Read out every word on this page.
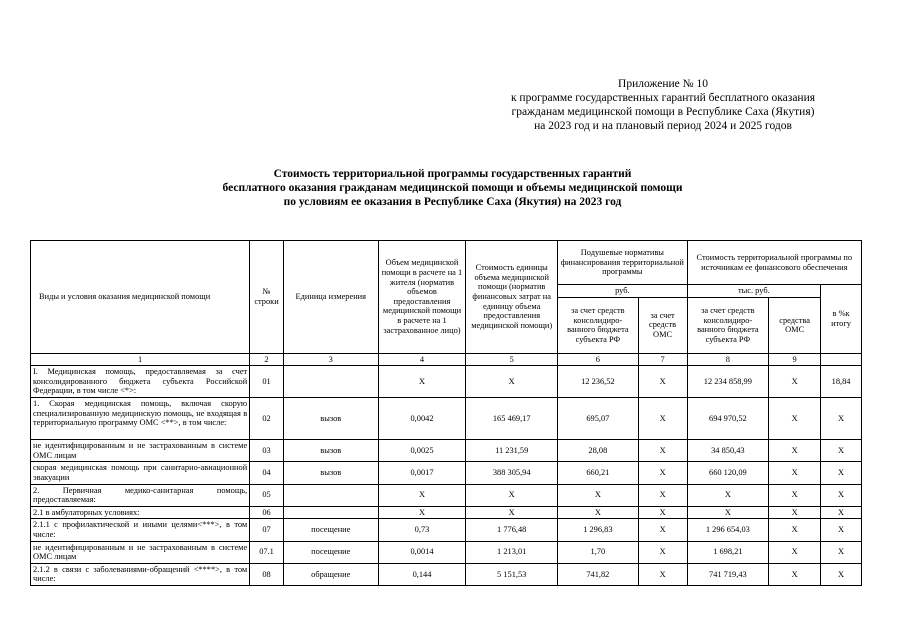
Приложение № 10
к программе государственных гарантий бесплатного оказания
гражданам медицинской помощи в Республике Саха (Якутия)
на 2023 год и на плановый период 2024 и 2025 годов
Стоимость территориальной программы государственных гарантий
бесплатного оказания гражданам медицинской помощи и объемы медицинской помощи
по условиям ее оказания в Республике Саха (Якутия) на 2023 год
Виды и условия оказания медицинской помощи	№ строки	Единица измерения	Объем медицинской помощи в расчете на 1 жителя (норматив объемов предоставления медицинской помощи в расчете на 1 застрахованное лицо)	Стоимость единицы объема медицинской помощи (норматив финансовых затрат на единицу объема предоставления медицинской помощи)	Подушевые нормативы финансирования территориальной программы		Стоимость территориальной программы по источникам ее финансового обеспечения		
					руб.		тыс. руб.		в %к итогу
					за счет средств консолидиро- ванного бюджета субъекта РФ	за счет средств ОМС	за счет средств консолидиро- ванного бюджета субъекта РФ	средства ОМС	
1	2	3	4	5	6	7	8	9	
I. Медицинская помощь, предоставляемая за счет консолидированного бюджета субъекта Российской Федерации, в том числе <*>:	01		X	X	12 236,52	X	12 234 858,99	X	18,84
1. Скорая медицинская помощь, включая скорую специализированную медицинскую помощь, не входящая в территориальную программу ОМС <**>, в том числе:	02	вызов	0,0042	165 469,17	695,07	X	694 970,52	X	X
не идентифицированным и не застрахованным в системе ОМС лицам	03	вызов	0,0025	11 231,59	28,08	X	34 850,43	X	X
скорая медицинская помощь при санитарно-авиационной эвакуации	04	вызов	0,0017	388 305,94	660,21	X	660 120,09	X	X
2. Первичная медико-санитарная помощь, предоставляемая:	05		X	X	X	X	X	X	X
2.1 в амбулаторных условиях:	06		X	X	X	X	X	X	X
2.1.1 с профилактической и иными целями<***>, в том числе:	07	посещение	0,73	1 776,48	1 296,83	X	1 296 654,03	X	X
не идентифицированным и не застрахованным в системе ОМС лицам	07.1	посещение	0,0014	1 213,01	1,70	X	1 698,21	X	X
2.1.2 в связи с заболеваниями-обращений <****>, в том числе:	08	обращение	0,144	5 151,53	741,82	X	741 719,43	X	X
